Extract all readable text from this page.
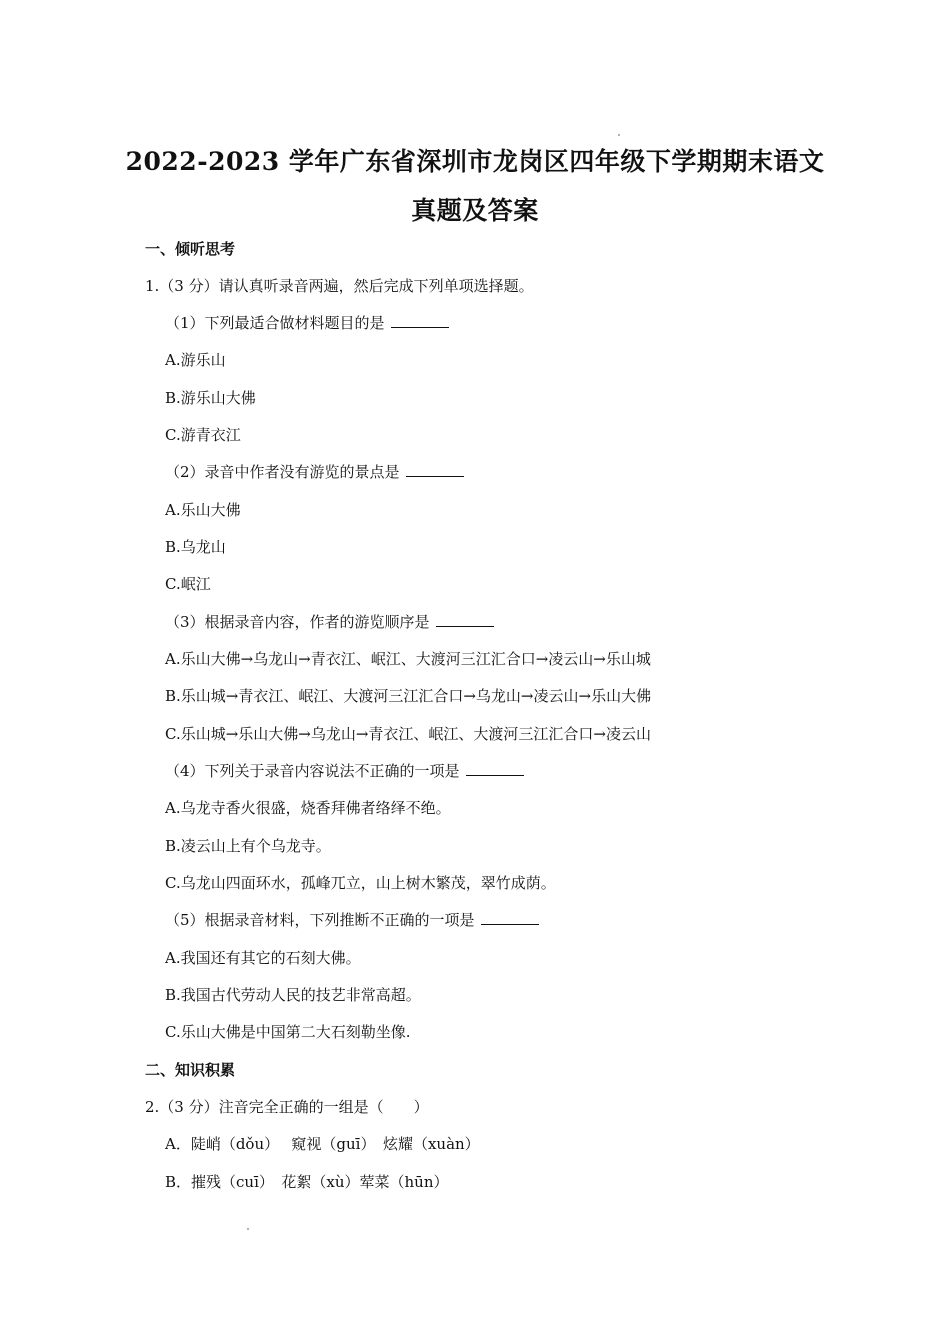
2022-2023 学年广东省深圳市龙岗区四年级下学期期末语文
真题及答案
一、倾听思考
1.（3 分）请认真听录音两遍，然后完成下列单项选择题。
（1）下列最适合做材料题目的是
A.游乐山
B.游乐山大佛
C.游青衣江
（2）录音中作者没有游览的景点是
A.乐山大佛
B.乌龙山
C.岷江
（3）根据录音内容，作者的游览顺序是
A.乐山大佛→乌龙山→青衣江、岷江、大渡河三江汇合口→凌云山→乐山城
B.乐山城→青衣江、岷江、大渡河三江汇合口→乌龙山→凌云山→乐山大佛
C.乐山城→乐山大佛→乌龙山→青衣江、岷江、大渡河三江汇合口→凌云山
（4）下列关于录音内容说法不正确的一项是
A.乌龙寺香火很盛，烧香拜佛者络绎不绝。
B.凌云山上有个乌龙寺。
C.乌龙山四面环水，孤峰兀立，山上树木繁茂，翠竹成荫。
（5）根据录音材料，下列推断不正确的一项是
A.我国还有其它的石刻大佛。
B.我国古代劳动人民的技艺非常高超。
C.乐山大佛是中国第二大石刻勒坐像.
二、知识积累
2.（3 分）注音完全正确的一组是（　　）
A．陡峭（dǒu）　 窥视（guī）　炫耀（xuàn）
B．摧残（cuī）　花絮（xù）荤菜（hūn）
